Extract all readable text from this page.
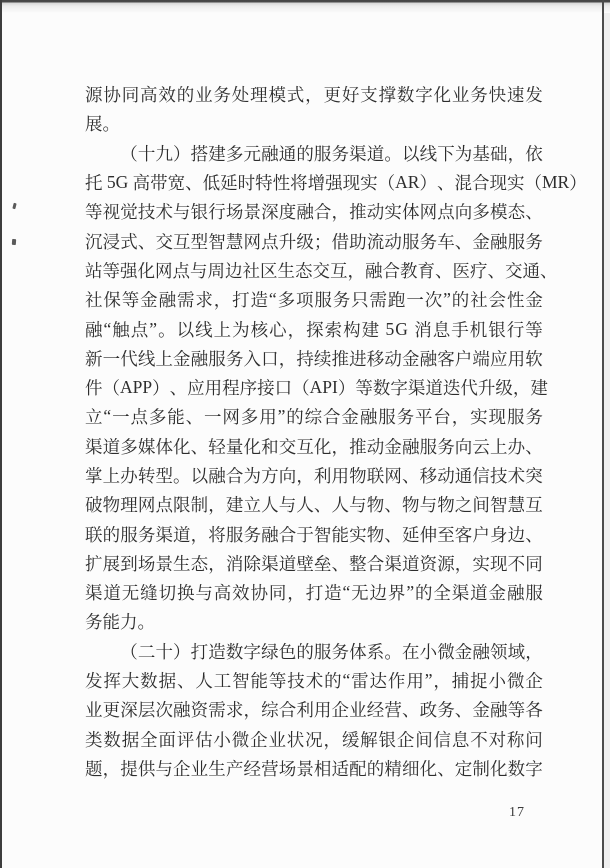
源 协 同 高 效 的 业 务 处 理 模 式 ， 更 好 支 撑 数 字 化 业 务 快 速 发
展 。

（ 十 九 ） 搭 建 多 元 融 通 的 服 务 渠 道 。 以 线 下 为 基 础 ， 依
托
5 G
高 带 宽 、 低 延 时 特 性 将 增 强 现 实 （ A R ） 、 混 合 现 实 （ M R ）
等 视 觉 技 术 与 银 行 场 景 深 度 融 合 ， 推 动 实 体 网 点 向 多 模 态 、
沉 浸 式 、 交 互 型 智 慧 网 点 升 级 ； 借 助 流 动 服 务 车 、 金 融 服 务
站 等 强 化 网 点 与 周 边 社 区 生 态 交 互 ， 融 合 教 育 、 医 疗 、 交 通 、
社 保 等 金 融 需 求 ， 打 造 “ 多 项 服 务 只 需 跑 一 次 ” 的 社 会 性 金
融 “ 触 点 ” 。 以 线 上 为 核 心 ， 探 索 构 建
5 G
消 息 手 机 银 行 等
新 一 代 线 上 金 融 服 务 入 口 ， 持 续 推 进 移 动 金 融 客 户 端 应 用 软
件 （ A P P ） 、 应 用 程 序 接 口 （ A P I ） 等 数 字 渠 道 迭 代 升 级 ， 建
立 “ 一 点 多 能 、 一 网 多 用 ” 的 综 合 金 融 服 务 平 台 ， 实 现 服 务
渠 道 多 媒 体 化 、 轻 量 化 和 交 互 化 ， 推 动 金 融 服 务 向 云 上 办 、
掌 上 办 转 型 。 以 融 合 为 方 向 ， 利 用 物 联 网 、 移 动 通 信 技 术 突
破 物 理 网 点 限 制 ， 建 立 人 与 人 、 人 与 物 、 物 与 物 之 间 智 慧 互
联 的 服 务 渠 道 ， 将 服 务 融 合 于 智 能 实 物 、 延 伸 至 客 户 身 边 、
扩 展 到 场 景 生 态 ， 消 除 渠 道 壁 垒 、 整 合 渠 道 资 源 ， 实 现 不 同
渠 道 无 缝 切 换 与 高 效 协 同 ， 打 造 “ 无 边 界 ” 的 全 渠 道 金 融 服
务 能 力 。

（ 二 十 ） 打 造 数 字 绿 色 的 服 务 体 系 。 在 小 微 金 融 领 域 ，
发 挥 大 数 据 、 人 工 智 能 等 技 术 的 “ 雷 达 作 用 ” ， 捕 捉 小 微 企
业 更 深 层 次 融 资 需 求 ， 综 合 利 用 企 业 经 营 、 政 务 、 金 融 等 各
类 数 据 全 面 评 估 小 微 企 业 状 况 ， 缓 解 银 企 间 信 息 不 对 称 问
题 ， 提 供 与 企 业 生 产 经 营 场 景 相 适 配 的 精 细 化 、 定 制 化 数 字
17
